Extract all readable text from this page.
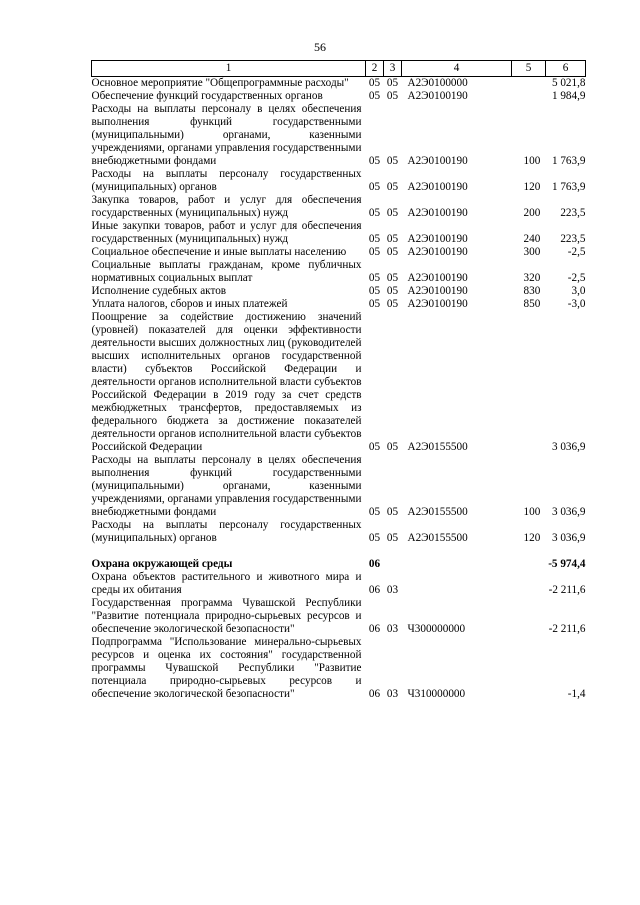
56
1	2	3	4	5	6
Основное мероприятие "Общепрограммные расходы"	05	05	А2Э0100000		5 021,8
Обеспечение функций государственных органов	05	05	А2Э0100190		1 984,9
Расходы на выплаты персоналу в целях обеспечения выполнения функций государственными (муниципальными) органами, казенными учреждениями, органами управления государственными внебюджетными фондами	05	05	А2Э0100190	100	1 763,9
Расходы на выплаты персоналу государственных (муниципальных) органов	05	05	А2Э0100190	120	1 763,9
Закупка товаров, работ и услуг для обеспечения государственных (муниципальных) нужд	05	05	А2Э0100190	200	223,5
Иные закупки товаров, работ и услуг для обеспечения государственных (муниципальных) нужд	05	05	А2Э0100190	240	223,5
Социальное обеспечение и иные выплаты населению	05	05	А2Э0100190	300	-2,5
Социальные выплаты гражданам, кроме публичных нормативных социальных выплат	05	05	А2Э0100190	320	-2,5
Исполнение судебных актов	05	05	А2Э0100190	830	3,0
Уплата налогов, сборов и иных платежей	05	05	А2Э0100190	850	-3,0
Поощрение за содействие достижению значений (уровней) показателей для оценки эффективности деятельности высших должностных лиц (руководителей высших исполнительных органов государственной власти) субъектов Российской Федерации и деятельности органов исполнительной власти субъектов Российской Федерации в 2019 году за счет средств межбюджетных трансфертов, предоставляемых из федерального бюджета за достижение показателей деятельности органов исполнительной власти субъектов Российской Федерации	05	05	А2Э0155500		3 036,9
Расходы на выплаты персоналу в целях обеспечения выполнения функций государственными (муниципальными) органами, казенными учреждениями, органами управления государственными внебюджетными фондами	05	05	А2Э0155500	100	3 036,9
Расходы на выплаты персоналу государственных (муниципальных) органов	05	05	А2Э0155500	120	3 036,9

Охрана окружающей среды	06				-5 974,4
Охрана объектов растительного и животного мира и среды их обитания	06	03			-2 211,6
Государственная программа Чувашской Республики "Развитие потенциала природно-сырьевых ресурсов и обеспечение экологической безопасности"	06	03	Ч300000000		-2 211,6
Подпрограмма "Использование минерально-сырьевых ресурсов и оценка их состояния" государственной программы Чувашской Республики "Развитие потенциала природно-сырьевых ресурсов и обеспечение экологической безопасности"	06	03	Ч310000000		-1,4
